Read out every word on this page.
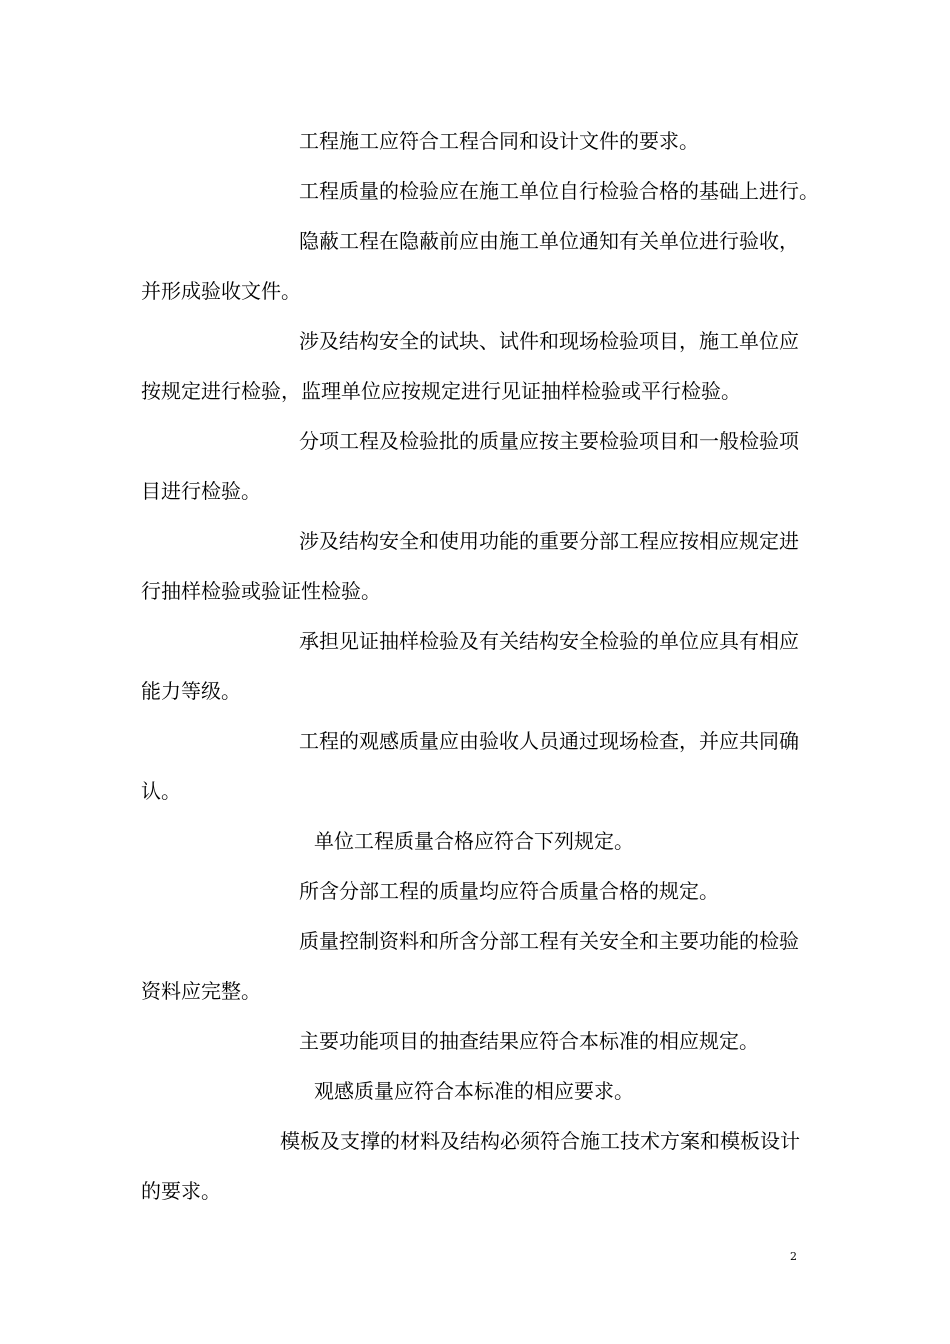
工程施工应符合工程合同和设计文件的要求。
工程质量的检验应在施工单位自行检验合格的基础上进行。
隐蔽工程在隐蔽前应由施工单位通知有关单位进行验收，
并形成验收文件。
涉及结构安全的试块、试件和现场检验项目，施工单位应
按规定进行检验，监理单位应按规定进行见证抽样检验或平行检验。
分项工程及检验批的质量应按主要检验项目和一般检验项
目进行检验。
涉及结构安全和使用功能的重要分部工程应按相应规定进
行抽样检验或验证性检验。
承担见证抽样检验及有关结构安全检验的单位应具有相应
能力等级。
工程的观感质量应由验收人员通过现场检查，并应共同确
认。
单位工程质量合格应符合下列规定。
所含分部工程的质量均应符合质量合格的规定。
质量控制资料和所含分部工程有关安全和主要功能的检验
资料应完整。
主要功能项目的抽查结果应符合本标准的相应规定。
观感质量应符合本标准的相应要求。
模板及支撑的材料及结构必须符合施工技术方案和模板设计
的要求。
2
